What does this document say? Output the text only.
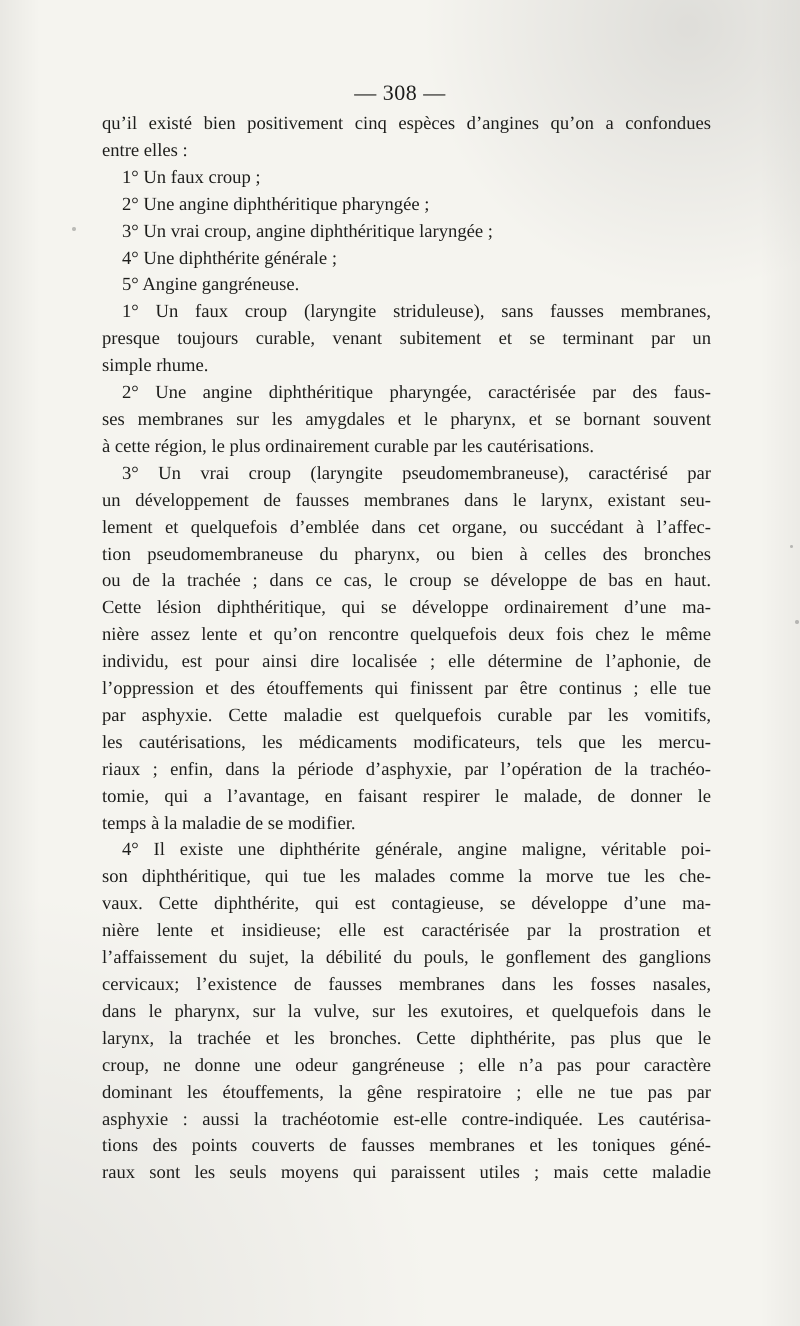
— 308 —
qu’il existé bien positivement cinq espèces d’angines qu’on a confondues
entre elles :
1° Un faux croup ;
2° Une angine diphthéritique pharyngée ;
3° Un vrai croup, angine diphthéritique laryngée ;
4° Une diphthérite générale ;
5° Angine gangréneuse.
1° Un faux croup (laryngite striduleuse), sans fausses membranes,
presque toujours curable, venant subitement et se terminant par un
simple rhume.
2° Une angine diphthéritique pharyngée, caractérisée par des faus-
ses membranes sur les amygdales et le pharynx, et se bornant souvent
à cette région, le plus ordinairement curable par les cautérisations.
3° Un vrai croup (laryngite pseudomembraneuse), caractérisé par
un développement de fausses membranes dans le larynx, existant seu-
lement et quelquefois d’emblée dans cet organe, ou succédant à l’affec-
tion pseudomembraneuse du pharynx, ou bien à celles des bronches
ou de la trachée ; dans ce cas, le croup se développe de bas en haut.
Cette lésion diphthéritique, qui se développe ordinairement d’une ma-
nière assez lente et qu’on rencontre quelquefois deux fois chez le même
individu, est pour ainsi dire localisée ; elle détermine de l’aphonie, de
l’oppression et des étouffements qui finissent par être continus ; elle tue
par asphyxie. Cette maladie est quelquefois curable par les vomitifs,
les cautérisations, les médicaments modificateurs, tels que les mercu-
riaux ; enfin, dans la période d’asphyxie, par l’opération de la trachéo-
tomie, qui a l’avantage, en faisant respirer le malade, de donner le
temps à la maladie de se modifier.
4° Il existe une diphthérite générale, angine maligne, véritable poi-
son diphthéritique, qui tue les malades comme la morve tue les che-
vaux. Cette diphthérite, qui est contagieuse, se développe d’une ma-
nière lente et insidieuse; elle est caractérisée par la prostration et
l’affaissement du sujet, la débilité du pouls, le gonflement des ganglions
cervicaux; l’existence de fausses membranes dans les fosses nasales,
dans le pharynx, sur la vulve, sur les exutoires, et quelquefois dans le
larynx, la trachée et les bronches. Cette diphthérite, pas plus que le
croup, ne donne une odeur gangréneuse ; elle n’a pas pour caractère
dominant les étouffements, la gêne respiratoire ; elle ne tue pas par
asphyxie : aussi la trachéotomie est-elle contre-indiquée. Les cautérisa-
tions des points couverts de fausses membranes et les toniques géné-
raux sont les seuls moyens qui paraissent utiles ; mais cette maladie
